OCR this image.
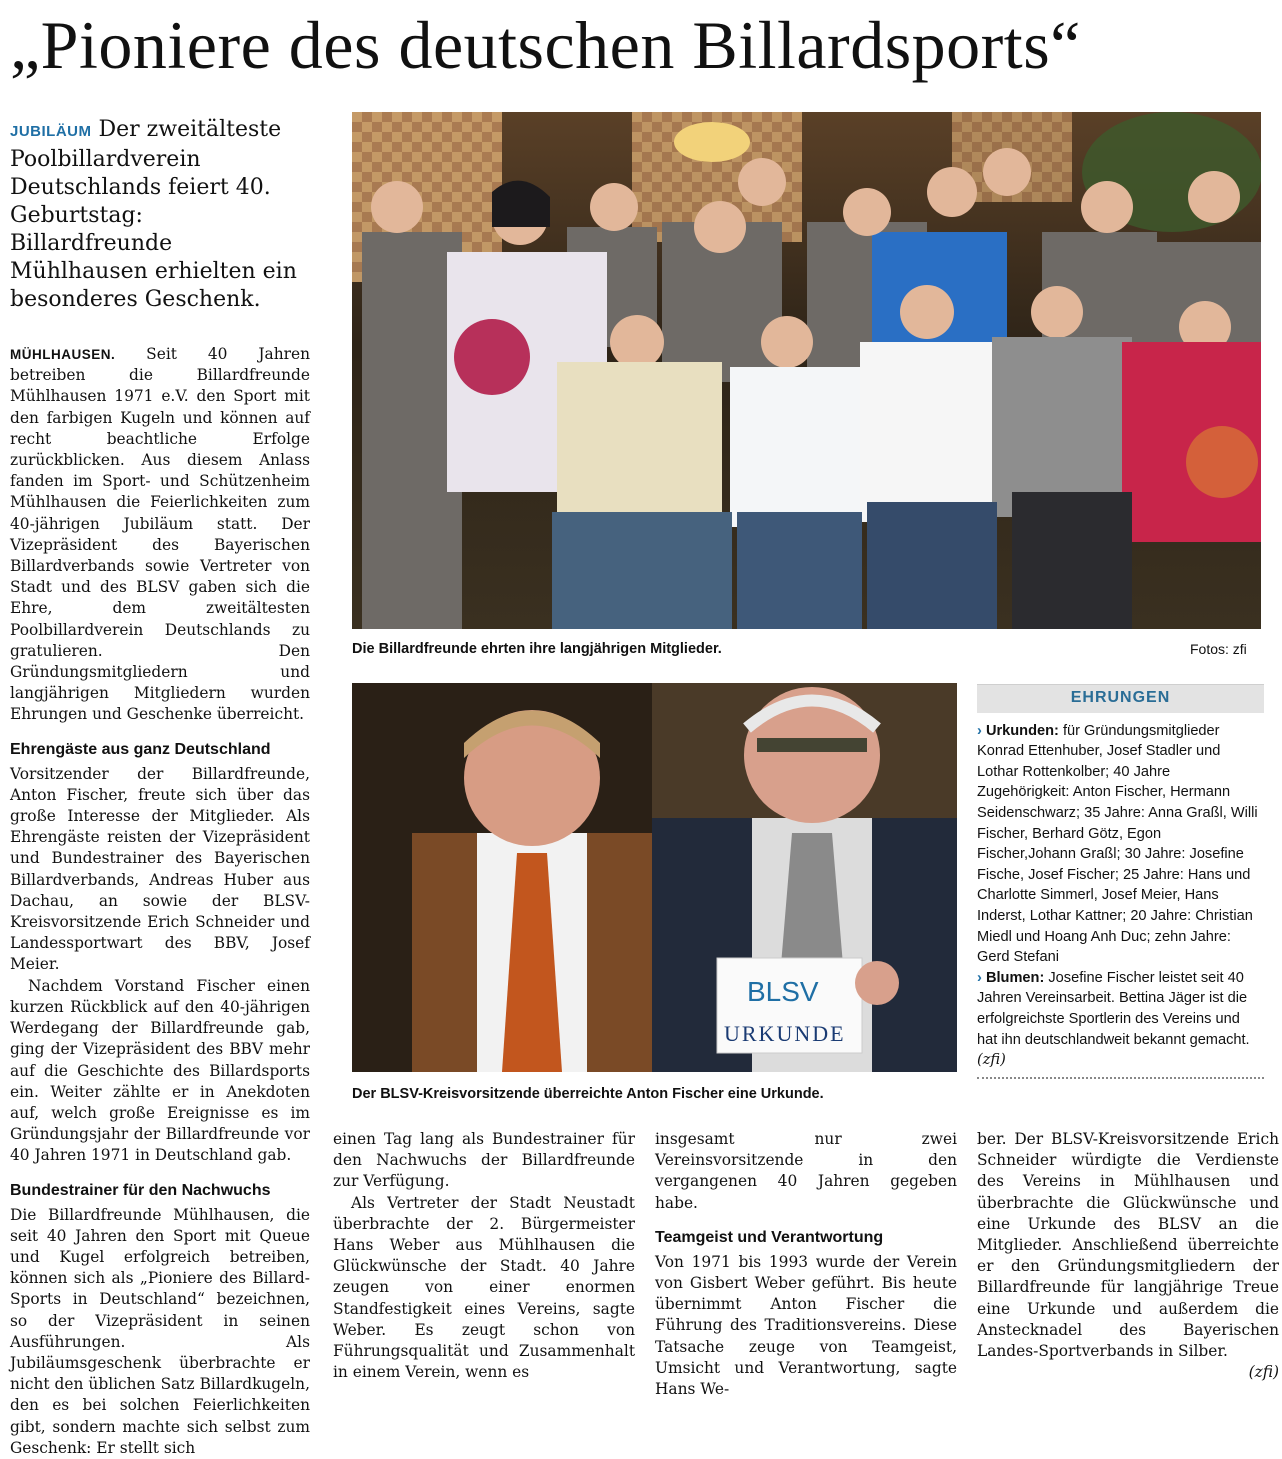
„Pioniere des deutschen Billardsports“
JUBILÄUM Der zweitälteste Poolbillardverein Deutschlands feiert 40. Geburtstag: Billardfreunde Mühlhausen erhielten ein besonderes Geschenk.

MÜHLHAUSEN. Seit 40 Jahren betreiben die Billardfreunde Mühlhausen 1971 e.V. den Sport mit den farbigen Kugeln und können auf recht beachtliche Erfolge zurückblicken. Aus diesem Anlass fanden im Sport- und Schützenheim Mühlhausen die Feierlichkeiten zum 40-jährigen Jubiläum statt. Der Vizepräsident des Bayerischen Billardverbands sowie Vertreter von Stadt und des BLSV gaben sich die Ehre, dem zweitältesten Poolbillardverein Deutschlands zu gratulieren. Den Gründungsmitgliedern und langjährigen Mitgliedern wurden Ehrungen und Geschenke überreicht.

Ehrengäste aus ganz Deutschland

Vorsitzender der Billardfreunde, Anton Fischer, freute sich über das große Interesse der Mitglieder. Als Ehrengäste reisten der Vizepräsident und Bundestrainer des Bayerischen Billardverbands, Andreas Huber aus Dachau, an sowie der BLSV-Kreisvorsitzende Erich Schneider und Landessportwart des BBV, Josef Meier.

Nachdem Vorstand Fischer einen kurzen Rückblick auf den 40-jährigen Werdegang der Billardfreunde gab, ging der Vizepräsident des BBV mehr auf die Geschichte des Billardsports ein. Weiter zählte er in Anekdoten auf, welch große Ereignisse es im Gründungsjahr der Billardfreunde vor 40 Jahren 1971 in Deutschland gab.

Bundestrainer für den Nachwuchs

Die Billardfreunde Mühlhausen, die seit 40 Jahren den Sport mit Queue und Kugel erfolgreich betreiben, können sich als „Pioniere des Billard-Sports in Deutschland“ bezeichnen, so der Vizepräsident in seinen Ausführungen. Als Jubiläumsgeschenk überbrachte er nicht den üblichen Satz Billardkugeln, den es bei solchen Feierlichkeiten gibt, sondern machte sich selbst zum Geschenk: Er stellt sich

Die Billardfreunde ehrten ihre langjährigen Mitglieder.	Fotos: zfi
BLSV
URKUNDE
Der BLSV-Kreisvorsitzende überreichte Anton Fischer eine Urkunde.
EHRUNGEN
› Urkunden: für Gründungsmitglieder Konrad Ettenhuber, Josef Stadler und Lothar Rottenkolber; 40 Jahre Zugehörigkeit: Anton Fischer, Hermann Seidenschwarz; 35 Jahre: Anna Graßl, Willi Fischer, Berhard Götz, Egon Fischer,Johann Graßl; 30 Jahre: Josefine Fische, Josef Fischer; 25 Jahre: Hans und Charlotte Simmerl, Josef Meier, Hans Inderst, Lothar Kattner; 20 Jahre: Christian Miedl und Hoang Anh Duc; zehn Jahre: Gerd Stefani
› Blumen: Josefine Fischer leistet seit 40 Jahren Vereinsarbeit. Bettina Jäger ist die erfolgreichste Sportlerin des Vereins und hat ihn deutschlandweit bekannt gemacht. (zfi)

einen Tag lang als Bundestrainer für den Nachwuchs der Billardfreunde zur Verfügung.

Als Vertreter der Stadt Neustadt überbrachte der 2. Bürgermeister Hans Weber aus Mühlhausen die Glückwünsche der Stadt. 40 Jahre zeugen von einer enormen Standfestigkeit eines Vereins, sagte Weber. Es zeugt schon von Führungsqualität und Zusammenhalt in einem Verein, wenn es

insgesamt nur zwei Vereinsvorsitzende in den vergangenen 40 Jahren gegeben habe.

Teamgeist und Verantwortung

Von 1971 bis 1993 wurde der Verein von Gisbert Weber geführt. Bis heute übernimmt Anton Fischer die Führung des Traditionsvereins. Diese Tatsache zeuge von Teamgeist, Umsicht und Verantwortung, sagte Hans We-

ber. Der BLSV-Kreisvorsitzende Erich Schneider würdigte die Verdienste des Vereins in Mühlhausen und überbrachte die Glückwünsche und eine Urkunde des BLSV an die Mitglieder. Anschließend überreichte er den Gründungsmitgliedern der Billardfreunde für langjährige Treue eine Urkunde und außerdem die Anstecknadel des Bayerischen Landes-Sportverbands in Silber.

(zfi)
